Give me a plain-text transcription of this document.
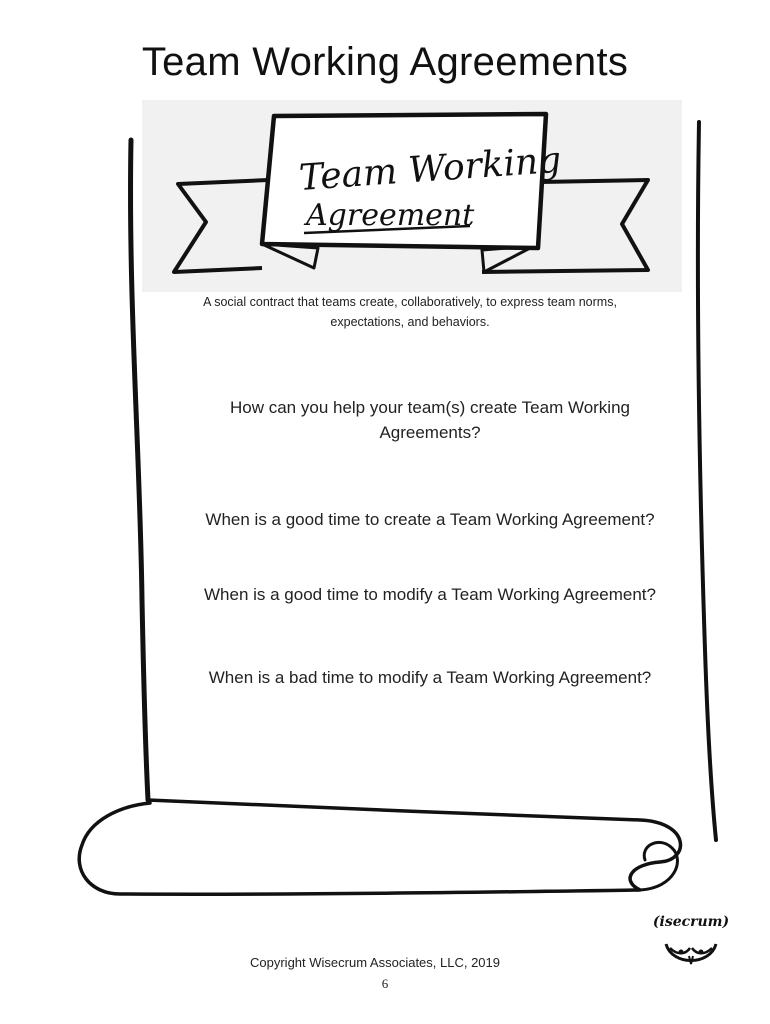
Team Working Agreements
Team Working
Agreement
A social contract that teams create, collaboratively, to express team norms, expectations, and behaviors.
How can you help your team(s) create Team Working Agreements?
When is a good time to create a Team Working Agreement?
When is a good time to modify a Team Working Agreement?
When is a bad time to modify a Team Working Agreement?
Copyright Wisecrum Associates, LLC, 2019
6
(isecrum)
